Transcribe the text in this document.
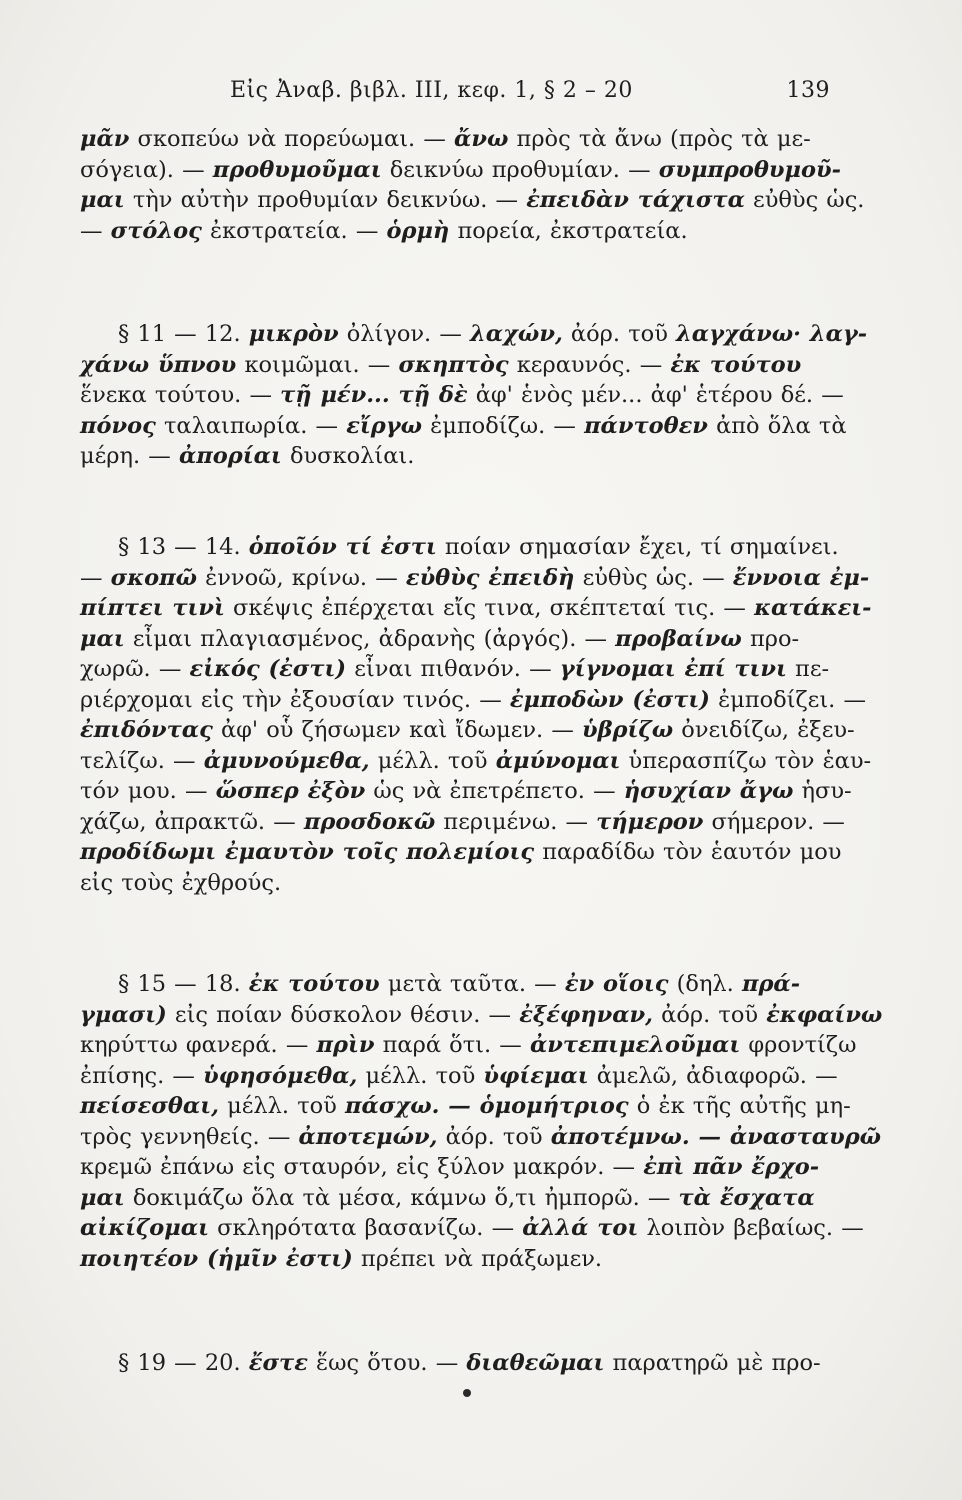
Εἰς Ἀναβ. βιβλ. III, κεφ. 1, § 2 – 20	139
μᾶν σκοπεύω νὰ πορεύωμαι. — ἄνω πρὸς τὰ ἄνω (πρὸς τὰ με-
σόγεια). — προθυμοῦμαι δεικνύω προθυμίαν. — συμπροθυμοῦ-
μαι τὴν αὐτὴν προθυμίαν δεικνύω. — ἐπειδὰν τάχιστα εὐθὺς ὡς.
— στόλος ἐκστρατεία. — ὁρμὴ πορεία, ἐκστρατεία.
§ 11 — 12. μικρὸν ὀλίγον. — λαχών, ἀόρ. τοῦ λαγχάνω· λαγ-
χάνω ὕπνου κοιμῶμαι. — σκηπτὸς κεραυνός. — ἐκ τούτου
ἕνεκα τούτου. — τῇ μέν... τῇ δὲ ἀφ' ἑνὸς μέν... ἀφ' ἑτέρου δέ. —
πόνος ταλαιπωρία. — εἴργω ἐμποδίζω. — πάντοθεν ἀπὸ ὅλα τὰ
μέρη. — ἀπορίαι δυσκολίαι.
§ 13 — 14. ὁποῖόν τί ἐστι ποίαν σημασίαν ἔχει, τί σημαίνει.
— σκοπῶ ἐννοῶ, κρίνω. — εὐθὺς ἐπειδὴ εὐθὺς ὡς. — ἔννοια ἐμ-
πίπτει τινὶ σκέψις ἐπέρχεται εἴς τινα, σκέπτεταί τις. — κατάκει-
μαι εἶμαι πλαγιασμένος, ἀδρανὴς (ἀργός). — προβαίνω προ-
χωρῶ. — εἰκός (ἐστι) εἶναι πιθανόν. — γίγνομαι ἐπί τινι πε-
ριέρχομαι εἰς τὴν ἐξουσίαν τινός. — ἐμποδὼν (ἐστι) ἐμποδίζει. —
ἐπιδόντας ἀφ' οὗ ζήσωμεν καὶ ἴδωμεν. — ὑβρίζω ὀνειδίζω, ἐξευ-
τελίζω. — ἀμυνούμεθα, μέλλ. τοῦ ἀμύνομαι ὑπερασπίζω τὸν ἑαυ-
τόν μου. — ὥσπερ ἐξὸν ὡς νὰ ἐπετρέπετο. — ἡσυχίαν ἄγω ἡσυ-
χάζω, ἀπρακτῶ. — προσδοκῶ περιμένω. — τήμερον σήμερον. —
προδίδωμι ἐμαυτὸν τοῖς πολεμίοις παραδίδω τὸν ἑαυτόν μου
εἰς τοὺς ἐχθρούς.
§ 15 — 18. ἐκ τούτου μετὰ ταῦτα. — ἐν οἵοις (δηλ. πρά-
γμασι) εἰς ποίαν δύσκολον θέσιν. — ἐξέφηναν, ἀόρ. τοῦ ἐκφαίνω
κηρύττω φανερά. — πρὶν παρά ὅτι. — ἀντεπιμελοῦμαι φροντίζω
ἐπίσης. — ὑφησόμεθα, μέλλ. τοῦ ὑφίεμαι ἀμελῶ, ἀδιαφορῶ. —
πείσεσθαι, μέλλ. τοῦ πάσχω. — ὁμομήτριος ὁ ἐκ τῆς αὐτῆς μη-
τρὸς γεννηθείς. — ἀποτεμών, ἀόρ. τοῦ ἀποτέμνω. — ἀνασταυρῶ
κρεμῶ ἐπάνω εἰς σταυρόν, εἰς ξύλον μακρόν. — ἐπὶ πᾶν ἔρχο-
μαι δοκιμάζω ὅλα τὰ μέσα, κάμνω ὅ,τι ἠμπορῶ. — τὰ ἔσχατα
αἰκίζομαι σκληρότατα βασανίζω. — ἀλλά τοι λοιπὸν βεβαίως. —
ποιητέον (ἡμῖν ἐστι) πρέπει νὰ πράξωμεν.
§ 19 — 20. ἔστε ἕως ὅτου. — διαθεῶμαι παρατηρῶ μὲ προ-
